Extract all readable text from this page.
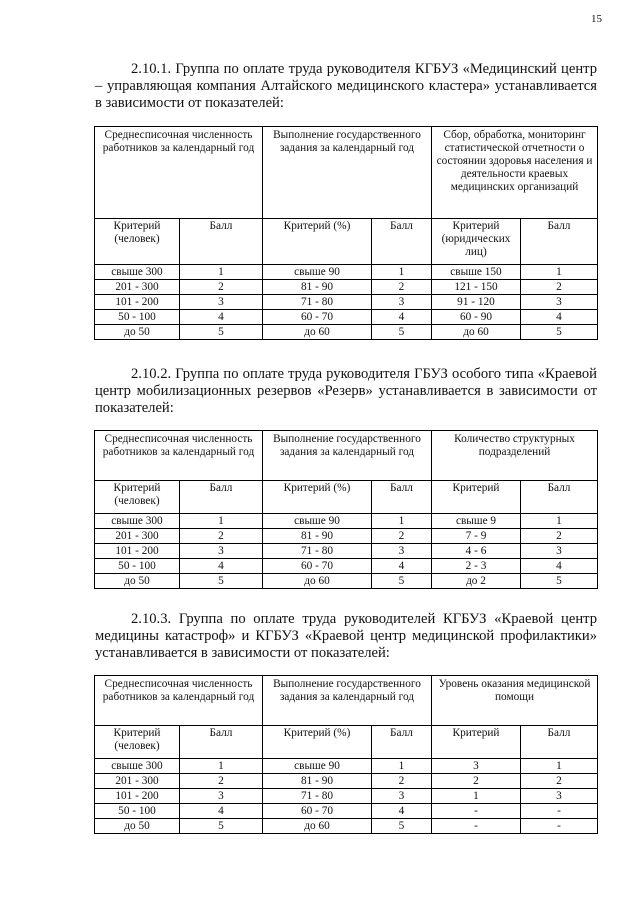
15
2.10.1. Группа по оплате труда руководителя КГБУЗ «Медицинский центр – управляющая компания Алтайского медицинского кластера» устанавливается в зависимости от показателей:
Среднесписочная численность работников за календарный год		Выполнение государственного задания за календарный год		Сбор, обработка, мониторинг статистической отчетности о состоянии здоровья населения и деятельности краевых медицинских организаций	
Критерий (человек)	Балл	Критерий (%)	Балл	Критерий (юридических лиц)	Балл
свыше 300	1	свыше 90	1	свыше 150	1
201 - 300	2	81 - 90	2	121 - 150	2
101 - 200	3	71 - 80	3	91 - 120	3
50 - 100	4	60 - 70	4	60 - 90	4
до 50	5	до 60	5	до 60	5
2.10.2. Группа по оплате труда руководителя ГБУЗ особого типа «Краевой центр мобилизационных резервов «Резерв» устанавливается в зависимости от показателей:
Среднесписочная численность работников за календарный год		Выполнение государственного задания за календарный год		Количество структурных подразделений	
Критерий (человек)	Балл	Критерий (%)	Балл	Критерий	Балл
свыше 300	1	свыше 90	1	свыше 9	1
201 - 300	2	81 - 90	2	7 - 9	2
101 - 200	3	71 - 80	3	4 - 6	3
50 - 100	4	60 - 70	4	2 - 3	4
до 50	5	до 60	5	до 2	5
2.10.3. Группа по оплате труда руководителей КГБУЗ «Краевой центр медицины катастроф» и КГБУЗ «Краевой центр медицинской профилактики» устанавливается в зависимости от показателей:
Среднесписочная численность работников за календарный год		Выполнение государственного задания за календарный год		Уровень оказания медицинской помощи	
Критерий (человек)	Балл	Критерий (%)	Балл	Критерий	Балл
свыше 300	1	свыше 90	1	3	1
201 - 300	2	81 - 90	2	2	2
101 - 200	3	71 - 80	3	1	3
50 - 100	4	60 - 70	4	-	-
до 50	5	до 60	5	-	-
